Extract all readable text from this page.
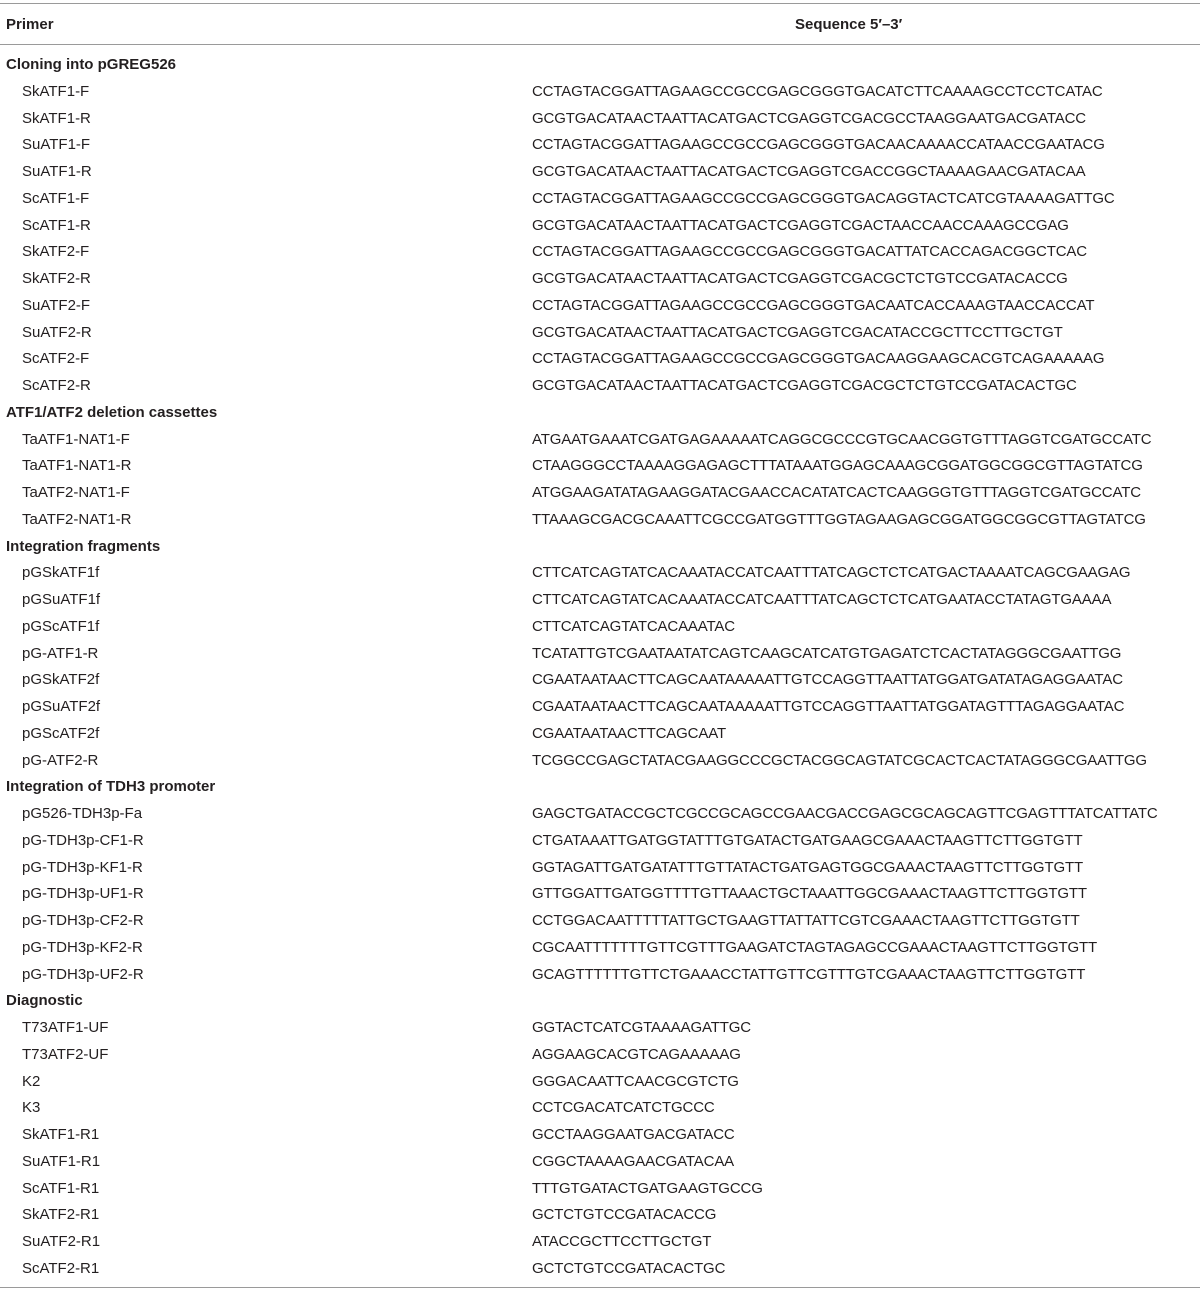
Primer	Sequence 5′–3′
Cloning into pGREG526
SkATF1-F	CCTAGTACGGATTAGAAGCCGCCGAGCGGGTGACATCTTCAAAAGCCTCCTCATAC
SkATF1-R	GCGTGACATAACTAATTACATGACTCGAGGTCGACGCCTAAGGAATGACGATACC
SuATF1-F	CCTAGTACGGATTAGAAGCCGCCGAGCGGGTGACAACAAAACCATAACCGAATACG
SuATF1-R	GCGTGACATAACTAATTACATGACTCGAGGTCGACCGGCTAAAAGAACGATACAA
ScATF1-F	CCTAGTACGGATTAGAAGCCGCCGAGCGGGTGACAGGTACTCATCGTAAAAGATTGC
ScATF1-R	GCGTGACATAACTAATTACATGACTCGAGGTCGACTAACCAACCAAAGCCGAG
SkATF2-F	CCTAGTACGGATTAGAAGCCGCCGAGCGGGTGACATTATCACCAGACGGCTCAC
SkATF2-R	GCGTGACATAACTAATTACATGACTCGAGGTCGACGCTCTGTCCGATACACCG
SuATF2-F	CCTAGTACGGATTAGAAGCCGCCGAGCGGGTGACAATCACCAAAGTAACCACCAT
SuATF2-R	GCGTGACATAACTAATTACATGACTCGAGGTCGACATACCGCTTCCTTGCTGT
ScATF2-F	CCTAGTACGGATTAGAAGCCGCCGAGCGGGTGACAAGGAAGCACGTCAGAAAAAG
ScATF2-R	GCGTGACATAACTAATTACATGACTCGAGGTCGACGCTCTGTCCGATACACTGC
ATF1/ATF2 deletion cassettes
TaATF1-NAT1-F	ATGAATGAAATCGATGAGAAAAATCAGGCGCCCGTGCAACGGTGTTTAGGTCGATGCCATC
TaATF1-NAT1-R	CTAAGGGCCTAAAAGGAGAGCTTTATAAATGGAGCAAAGCGGATGGCGGCGTTAGTATCG
TaATF2-NAT1-F	ATGGAAGATATAGAAGGATACGAACCACATATCACTCAAGGGTGTTTAGGTCGATGCCATC
TaATF2-NAT1-R	TTAAAGCGACGCAAATTCGCCGATGGTTTGGTAGAAGAGCGGATGGCGGCGTTAGTATCG
Integration fragments
pGSkATF1f	CTTCATCAGTATCACAAATACCATCAATTTATCAGCTCTCATGACTAAAATCAGCGAAGAG
pGSuATF1f	CTTCATCAGTATCACAAATACCATCAATTTATCAGCTCTCATGAATACCTATAGTGAAAA
pGScATF1f	CTTCATCAGTATCACAAATAC
pG-ATF1-R	TCATATTGTCGAATAATATCAGTCAAGCATCATGTGAGATCTCACTATAGGGCGAATTGG
pGSkATF2f	CGAATAATAACTTCAGCAATAAAAATTGTCCAGGTTAATTATGGATGATATAGAGGAATAC
pGSuATF2f	CGAATAATAACTTCAGCAATAAAAATTGTCCAGGTTAATTATGGATAGTTTAGAGGAATAC
pGScATF2f	CGAATAATAACTTCAGCAAT
pG-ATF2-R	TCGGCCGAGCTATACGAAGGCCCGCTACGGCAGTATCGCACTCACTATAGGGCGAATTGG
Integration of TDH3 promoter
pG526-TDH3p-Fa	GAGCTGATACCGCTCGCCGCAGCCGAACGACCGAGCGCAGCAGTTCGAGTTTATCATTATC
pG-TDH3p-CF1-R	CTGATAAATTGATGGTATTTGTGATACTGATGAAGCGAAACTAAGTTCTTGGTGTT
pG-TDH3p-KF1-R	GGTAGATTGATGATATTTGTTATACTGATGAGTGGCGAAACTAAGTTCTTGGTGTT
pG-TDH3p-UF1-R	GTTGGATTGATGGTTTTGTTAAACTGCTAAATTGGCGAAACTAAGTTCTTGGTGTT
pG-TDH3p-CF2-R	CCTGGACAATTTTTATTGCTGAAGTTATTATTCGTCGAAACTAAGTTCTTGGTGTT
pG-TDH3p-KF2-R	CGCAATTTTTTTGTTCGTTTGAAGATCTAGTAGAGCCGAAACTAAGTTCTTGGTGTT
pG-TDH3p-UF2-R	GCAGTTTTTTGTTCTGAAACCTATTGTTCGTTTGTCGAAACTAAGTTCTTGGTGTT
Diagnostic
T73ATF1-UF	GGTACTCATCGTAAAAGATTGC
T73ATF2-UF	AGGAAGCACGTCAGAAAAAG
K2	GGGACAATTCAACGCGTCTG
K3	CCTCGACATCATCTGCCC
SkATF1-R1	GCCTAAGGAATGACGATACC
SuATF1-R1	CGGCTAAAAGAACGATACAA
ScATF1-R1	TTTGTGATACTGATGAAGTGCCG
SkATF2-R1	GCTCTGTCCGATACACCG
SuATF2-R1	ATACCGCTTCCTTGCTGT
ScATF2-R1	GCTCTGTCCGATACACTGC
